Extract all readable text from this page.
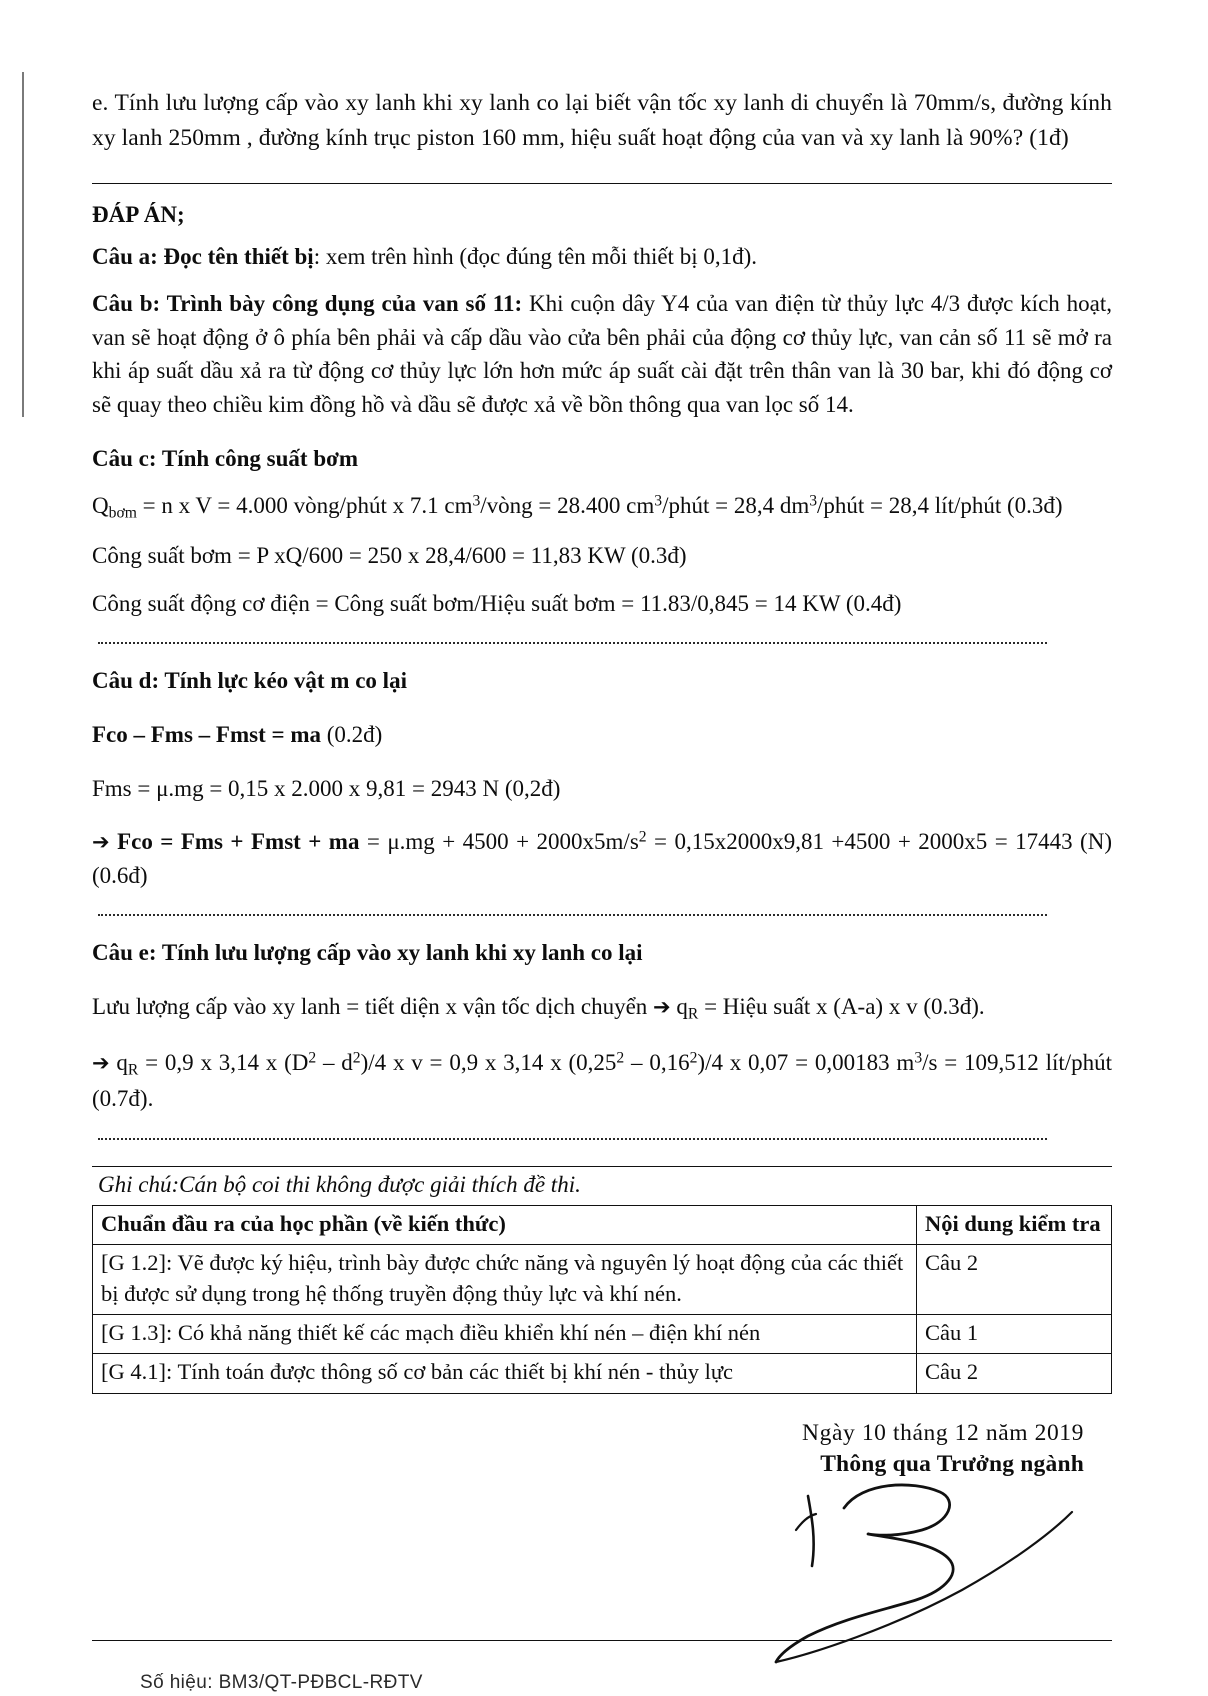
e. Tính lưu lượng cấp vào xy lanh khi xy lanh co lại biết vận tốc xy lanh di chuyển là 70mm/s, đường kính xy lanh 250mm , đường kính trục piston 160 mm, hiệu suất hoạt động của van và xy lanh là 90%? (1đ)

ĐÁP ÁN;

Câu a: Đọc tên thiết bị: xem trên hình (đọc đúng tên mỗi thiết bị 0,1đ).

Câu b: Trình bày công dụng của van số 11: Khi cuộn dây Y4 của van điện từ thủy lực 4/3 được kích hoạt, van sẽ hoạt động ở ô phía bên phải và cấp dầu vào cửa bên phải của động cơ thủy lực, van cản số 11 sẽ mở ra khi áp suất dầu xả ra từ động cơ thủy lực lớn hơn mức áp suất cài đặt trên thân van là 30 bar, khi đó động cơ sẽ quay theo chiều kim đồng hồ và dầu sẽ được xả về bồn thông qua van lọc số 14.

Câu c: Tính công suất bơm

$Q_{bơm} = n$ x V = 4.000 vòng/phút x 7.1 $cm^3$/vòng = 28.400 $cm^3$/phút = 28,4 $dm^3$/phút = 28,4 lít/phút (0.3đ)

Công suất bơm = P xQ/600 = 250 x 28,4/600 = 11,83 KW (0.3đ)

Công suất động cơ điện = Công suất bơm/Hiệu suất bơm = 11.83/0,845 = 14 KW (0.4đ)

Câu d: Tính lực kéo vật m co lại

Fco – Fms – Fmst = ma (0.2đ)

Fms = μ.mg = 0,15 x 2.000 x 9,81 = 2943 N (0,2đ)

➔ Fco = Fms + Fmst + ma = $\mu.mg + 4500 + 2000x5m/s^2 = 0,15x2000x9,81 +4500 + 2000x5 = 17443$ (N) (0.6đ)

Câu e: Tính lưu lượng cấp vào xy lanh khi xy lanh co lại

Lưu lượng cấp vào xy lanh = tiết diện x vận tốc dịch chuyển ➔ $q_R$ = Hiệu suất x (A-a) x v (0.3đ).

➔ $q_R = 0,9$ x 3,14 x $(D^2 - d^2)/4$ x v = 0,9 x 3,14 x (0,25$^2$ – 0,16$^2$)/4 x 0,07 = 0,00183 $m^3/s = 109,512$ lít/phút (0.7đ).

Ghi chú:Cán bộ coi thi không được giải thích đề thi.

Chuẩn đầu ra của học phần (về kiến thức)	Nội dung kiểm tra
[G 1.2]: Vẽ được ký hiệu, trình bày được chức năng và nguyên lý hoạt động của các thiết bị được sử dụng trong hệ thống truyền động thủy lực và khí nén.	Câu 2
[G 1.3]: Có khả năng thiết kế các mạch điều khiển khí nén – điện khí nén	Câu 1
[G 4.1]: Tính toán được thông số cơ bản các thiết bị khí nén - thủy lực	Câu 2
Ngày 10 tháng 12 năm 2019
Thông qua Trưởng ngành
Số hiệu: BM3/QT-PĐBCL-RĐTV
